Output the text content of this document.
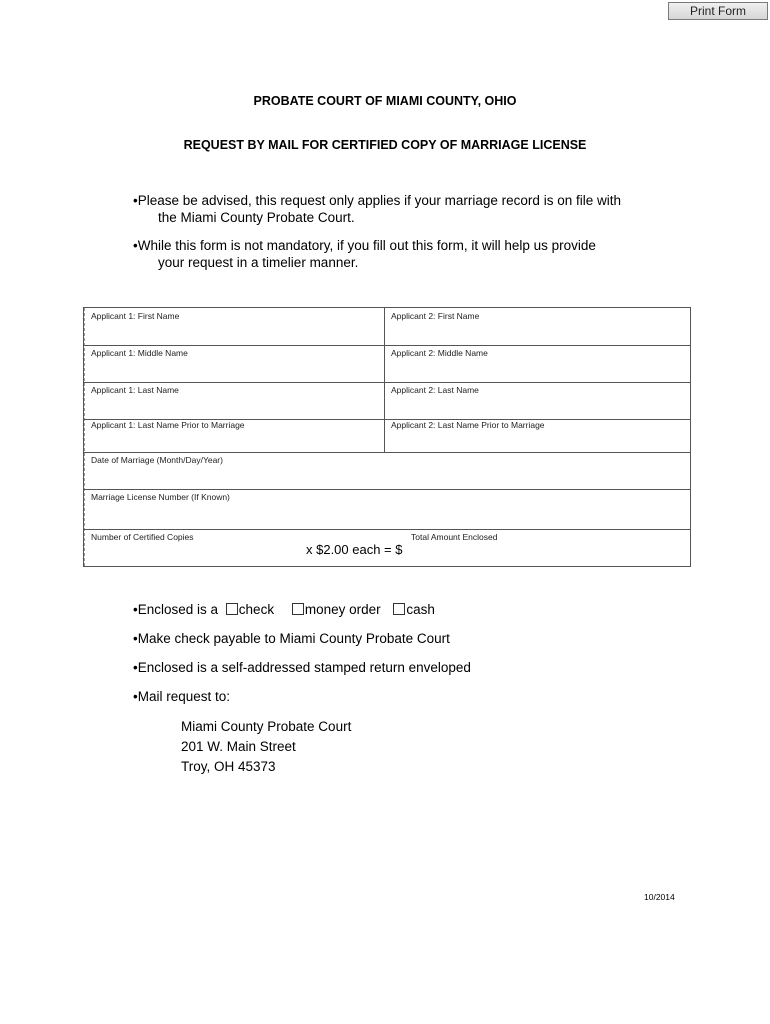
Print Form
PROBATE COURT OF MIAMI COUNTY, OHIO
REQUEST BY MAIL FOR CERTIFIED COPY OF MARRIAGE LICENSE
•Please be advised, this request only applies if your marriage record is on file with
the Miami County Probate Court.
•While this form is not mandatory, if you fill out this form, it will help us provide
your request in a timelier manner.
Applicant 1: First Name	Applicant 2: First Name
Applicant 1: Middle Name	Applicant 2: Middle Name
Applicant 1: Last Name	Applicant 2: Last Name
Applicant 1: Last Name Prior to Marriage	Applicant 2: Last Name Prior to Marriage
Date of Marriage (Month/Day/Year)
Marriage License Number (If Known)
Number of Certified Copies	Total Amount Enclosed
x $2.00 each = $
•Enclosed is a check money order cash
•Make check payable to Miami County Probate Court
•Enclosed is a self-addressed stamped return enveloped
•Mail request to:
Miami County Probate Court
201 W. Main Street
Troy, OH 45373
10/2014
